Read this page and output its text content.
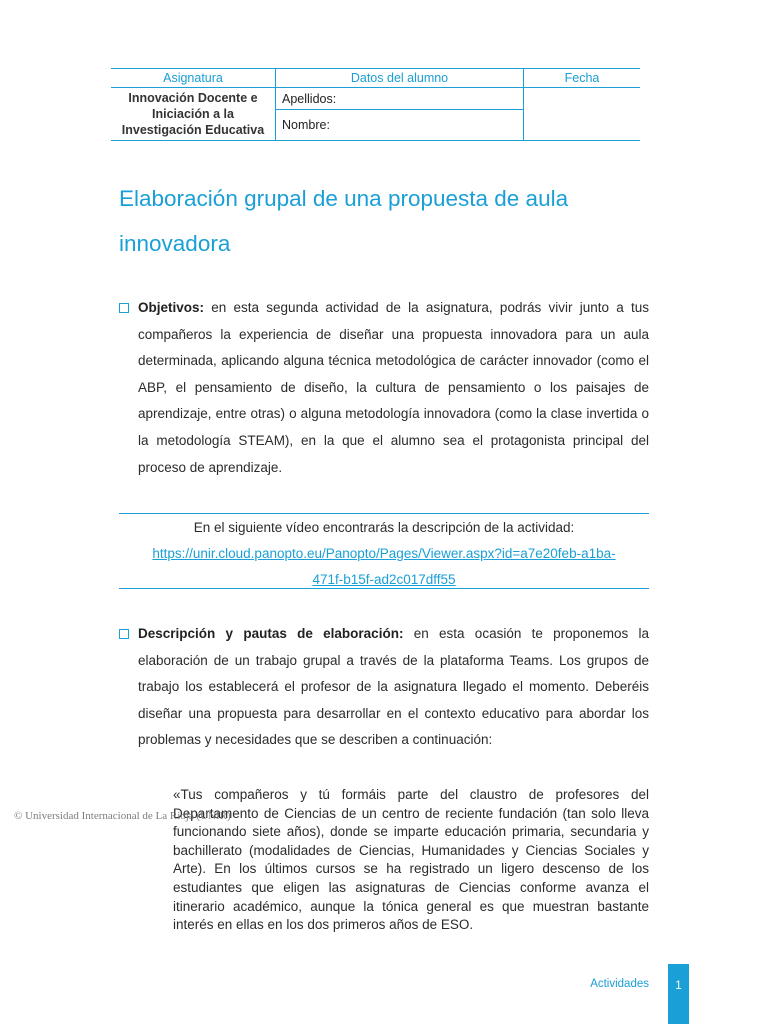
Asignatura	Datos del alumno	Fecha

Innovación Docente e
Iniciación a la
Investigación Educativa	Apellidos:	
	Nombre:	
Elaboración grupal de una propuesta de aula innovadora

Objetivos: en esta segunda actividad de la asignatura, podrás vivir junto a tus compañeros la experiencia de diseñar una propuesta innovadora para un aula determinada, aplicando alguna técnica metodológica de carácter innovador (como el ABP, el pensamiento de diseño, la cultura de pensamiento o los paisajes de aprendizaje, entre otras) o alguna metodología innovadora (como la clase invertida o la metodología STEAM), en la que el alumno sea el protagonista principal del proceso de aprendizaje.

En el siguiente vídeo encontrarás la descripción de la actividad:
https://unir.cloud.panopto.eu/Panopto/Pages/Viewer.aspx?id=a7e20feb-a1ba-
471f-b15f-ad2c017dff55

Descripción y pautas de elaboración: en esta ocasión te proponemos la elaboración de un trabajo grupal a través de la plataforma Teams. Los grupos de trabajo los establecerá el profesor de la asignatura llegado el momento. Deberéis diseñar una propuesta para desarrollar en el contexto educativo para abordar los problemas y necesidades que se describen a continuación:

«Tus compañeros y tú formáis parte del claustro de profesores del Departamento de Ciencias de un centro de reciente fundación (tan solo lleva funcionando siete años), donde se imparte educación primaria, secundaria y bachillerato (modalidades de Ciencias, Humanidades y Ciencias Sociales y Arte). En los últimos cursos se ha registrado un ligero descenso de los estudiantes que eligen las asignaturas de Ciencias conforme avanza el itinerario académico, aunque la tónica general es que muestran bastante interés en ellas en los dos primeros años de ESO.
© Universidad Internacional de La Rioja (UNIR)
Actividades	1
